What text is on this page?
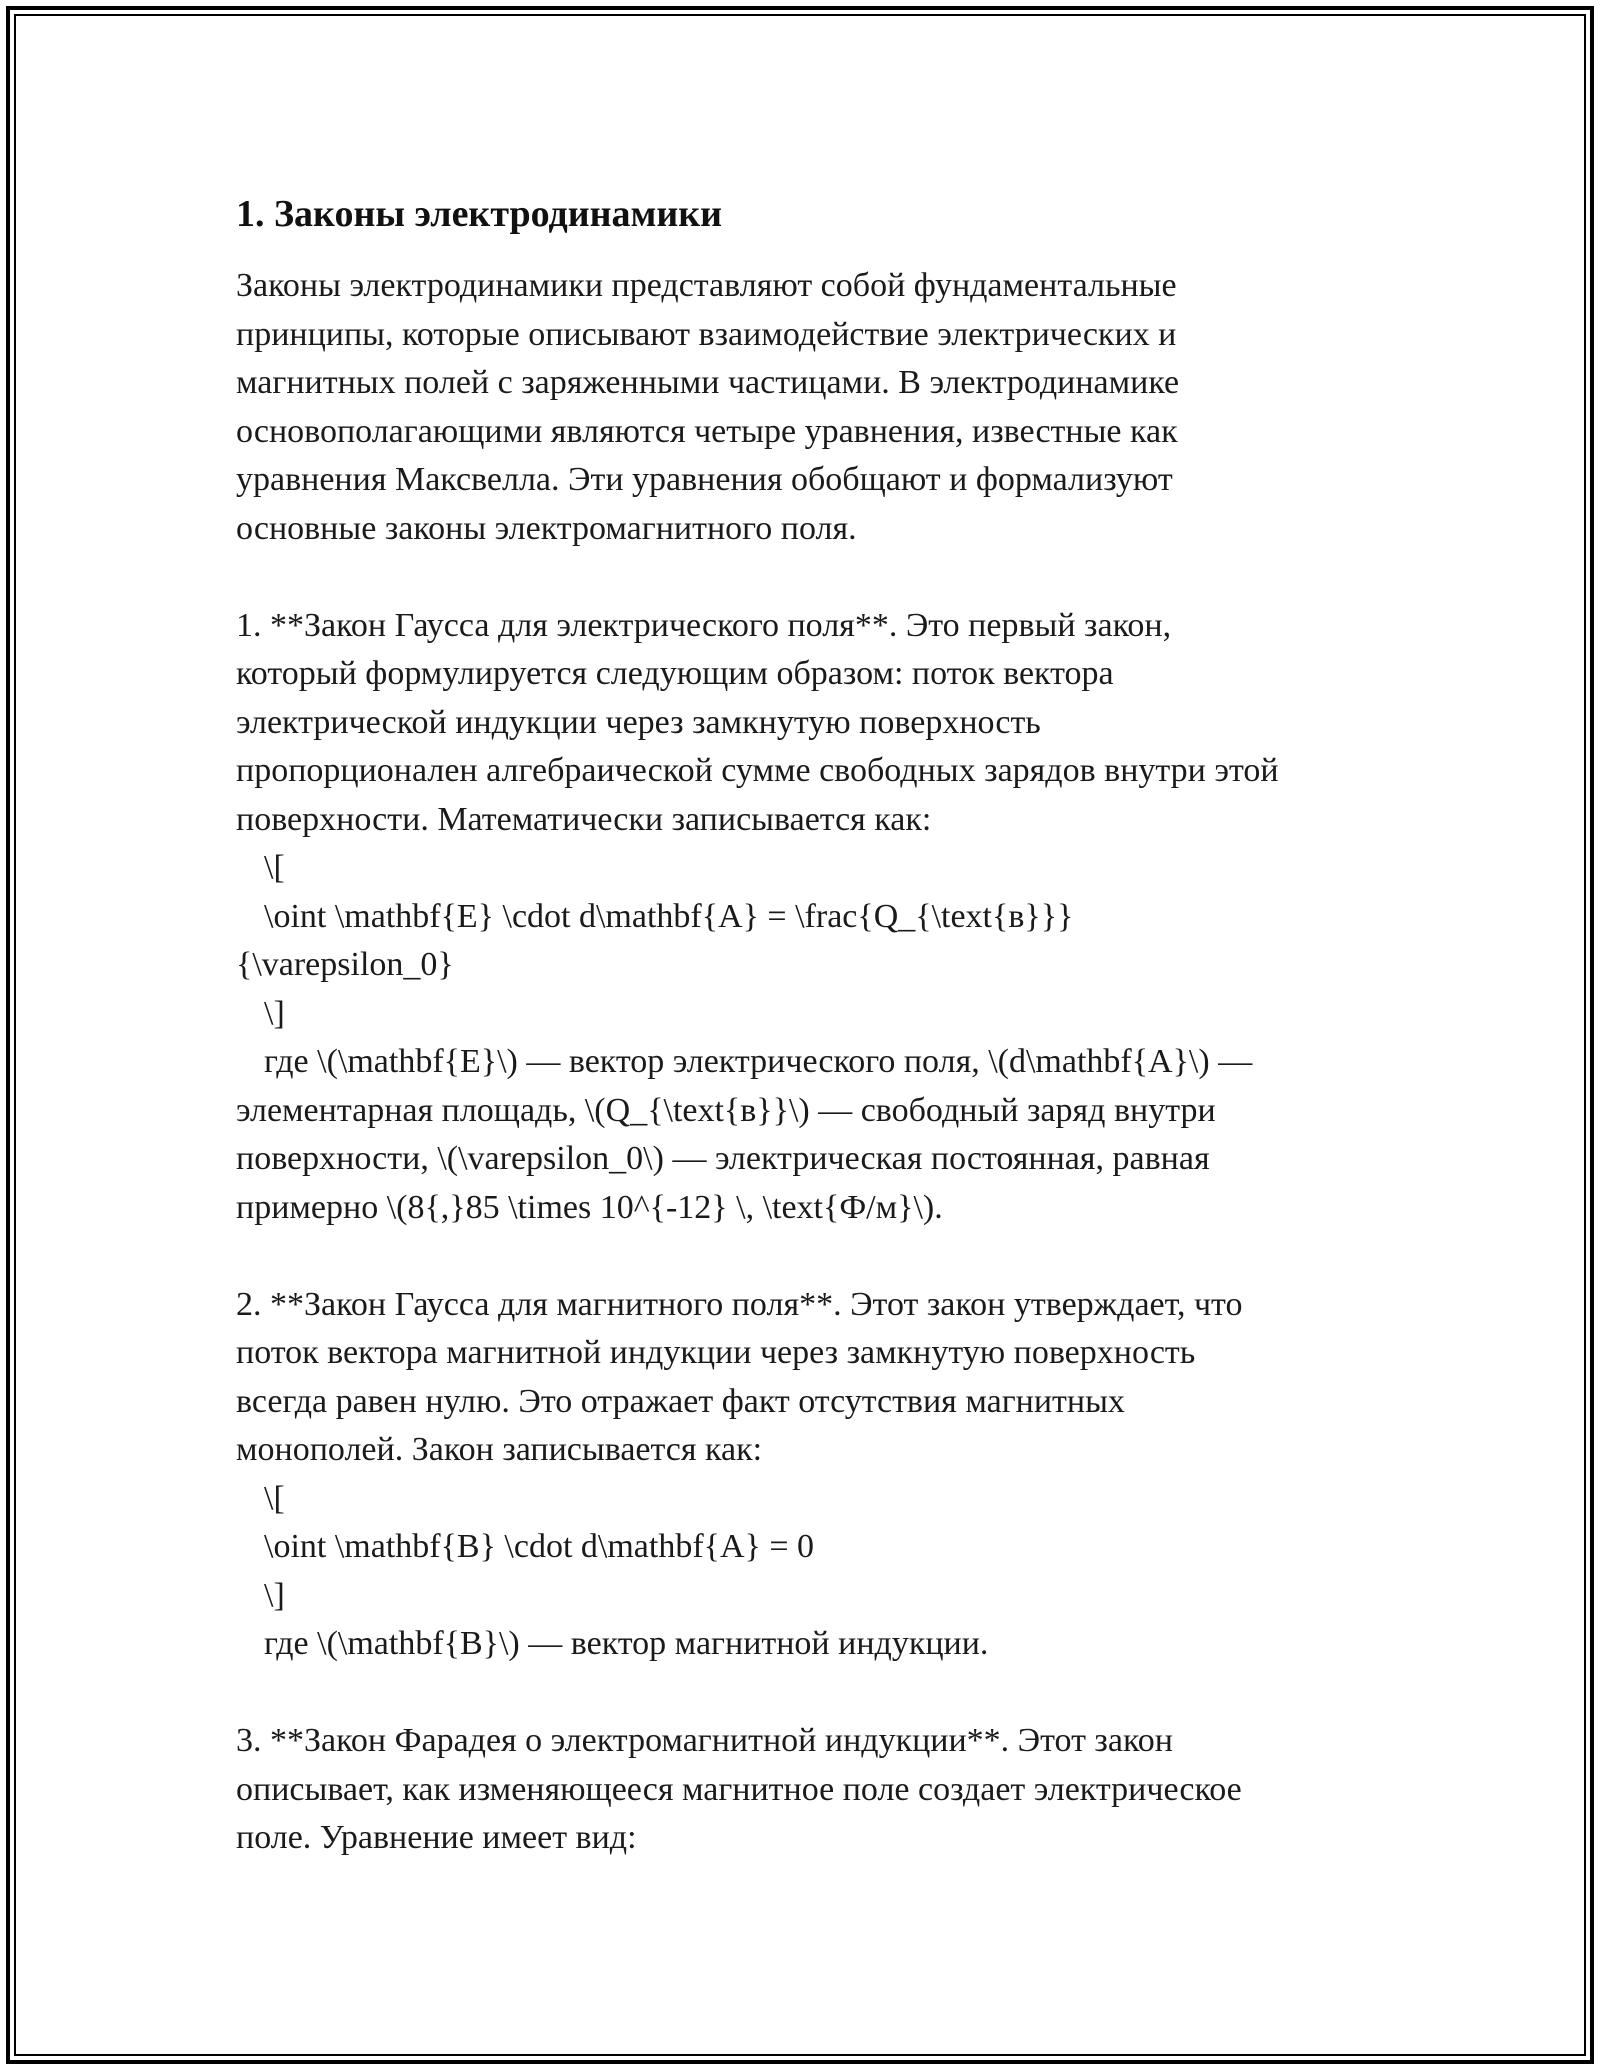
1. Законы электродинамики
Законы электродинамики представляют собой фундаментальные
принципы, которые описывают взаимодействие электрических и
магнитных полей с заряженными частицами. В электродинамике
основополагающими являются четыре уравнения, известные как
уравнения Максвелла. Эти уравнения обобщают и формализуют
основные законы электромагнитного поля.
1. **Закон Гаусса для электрического поля**. Это первый закон,
который формулируется следующим образом: поток вектора
электрической индукции через замкнутую поверхность
пропорционален алгебраической сумме свободных зарядов внутри этой
поверхности. Математически записывается как:
\[
\oint \mathbf{E} \cdot d\mathbf{A} = \frac{Q_{\text{в}}}
{\varepsilon_0}
\]
где \(\mathbf{E}\) — вектор электрического поля, \(d\mathbf{A}\) —
элементарная площадь, \(Q_{\text{в}}\) — свободный заряд внутри
поверхности, \(\varepsilon_0\) — электрическая постоянная, равная
примерно \(8{,}85 \times 10^{-12} \, \text{Ф/м}\).
2. **Закон Гаусса для магнитного поля**. Этот закон утверждает, что
поток вектора магнитной индукции через замкнутую поверхность
всегда равен нулю. Это отражает факт отсутствия магнитных
монополей. Закон записывается как:
\[
\oint \mathbf{B} \cdot d\mathbf{A} = 0
\]
где \(\mathbf{B}\) — вектор магнитной индукции.
3. **Закон Фарадея о электромагнитной индукции**. Этот закон
описывает, как изменяющееся магнитное поле создает электрическое
поле. Уравнение имеет вид:
